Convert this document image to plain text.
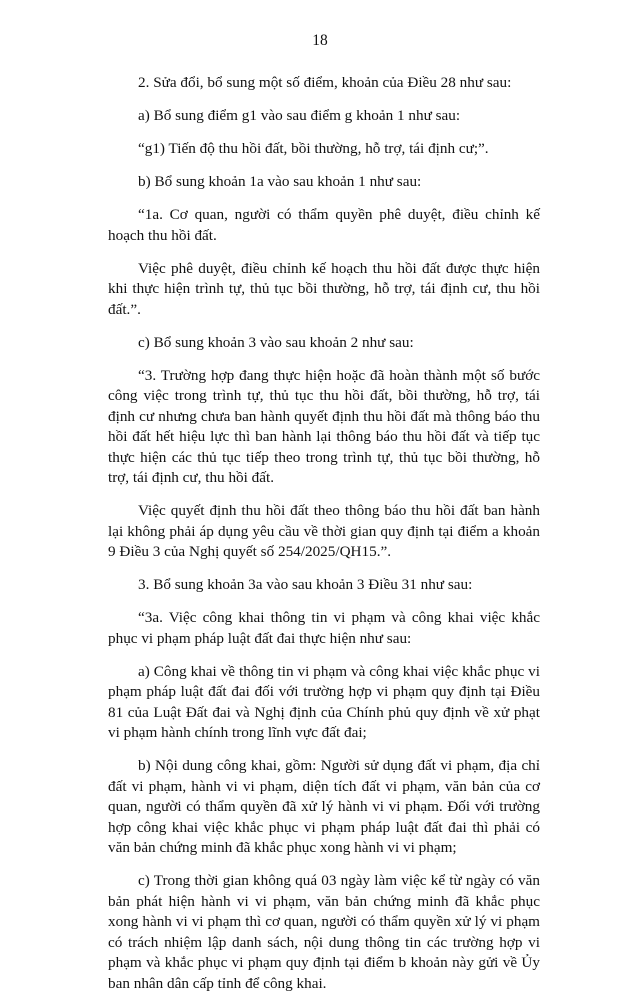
18

2. Sửa đổi, bổ sung một số điểm, khoản của Điều 28 như sau:

a) Bổ sung điểm g1 vào sau điểm g khoản 1 như sau:

“g1) Tiến độ thu hồi đất, bồi thường, hỗ trợ, tái định cư;”.

b) Bổ sung khoản 1a vào sau khoản 1 như sau:

“1a. Cơ quan, người có thẩm quyền phê duyệt, điều chỉnh kế hoạch thu hồi đất.

Việc phê duyệt, điều chỉnh kế hoạch thu hồi đất được thực hiện khi thực hiện trình tự, thủ tục bồi thường, hỗ trợ, tái định cư, thu hồi đất.”.

c) Bổ sung khoản 3 vào sau khoản 2 như sau:

“3. Trường hợp đang thực hiện hoặc đã hoàn thành một số bước công việc trong trình tự, thủ tục thu hồi đất, bồi thường, hỗ trợ, tái định cư nhưng chưa ban hành quyết định thu hồi đất mà thông báo thu hồi đất hết hiệu lực thì ban hành lại thông báo thu hồi đất và tiếp tục thực hiện các thủ tục tiếp theo trong trình tự, thủ tục bồi thường, hỗ trợ, tái định cư, thu hồi đất.

Việc quyết định thu hồi đất theo thông báo thu hồi đất ban hành lại không phải áp dụng yêu cầu về thời gian quy định tại điểm a khoản 9 Điều 3 của Nghị quyết số 254/2025/QH15.”.

3. Bổ sung khoản 3a vào sau khoản 3 Điều 31 như sau:

“3a. Việc công khai thông tin vi phạm và công khai việc khắc phục vi phạm pháp luật đất đai thực hiện như sau:

a) Công khai về thông tin vi phạm và công khai việc khắc phục vi phạm pháp luật đất đai đối với trường hợp vi phạm quy định tại Điều 81 của Luật Đất đai và Nghị định của Chính phủ quy định về xử phạt vi phạm hành chính trong lĩnh vực đất đai;

b) Nội dung công khai, gồm: Người sử dụng đất vi phạm, địa chỉ đất vi phạm, hành vi vi phạm, diện tích đất vi phạm, văn bản của cơ quan, người có thẩm quyền đã xử lý hành vi vi phạm. Đối với trường hợp công khai việc khắc phục vi phạm pháp luật đất đai thì phải có văn bản chứng minh đã khắc phục xong hành vi vi phạm;

c) Trong thời gian không quá 03 ngày làm việc kể từ ngày có văn bản phát hiện hành vi vi phạm, văn bản chứng minh đã khắc phục xong hành vi vi phạm thì cơ quan, người có thẩm quyền xử lý vi phạm có trách nhiệm lập danh sách, nội dung thông tin các trường hợp vi phạm và khắc phục vi phạm quy định tại điểm b khoản này gửi về Ủy ban nhân dân cấp tỉnh để công khai.
